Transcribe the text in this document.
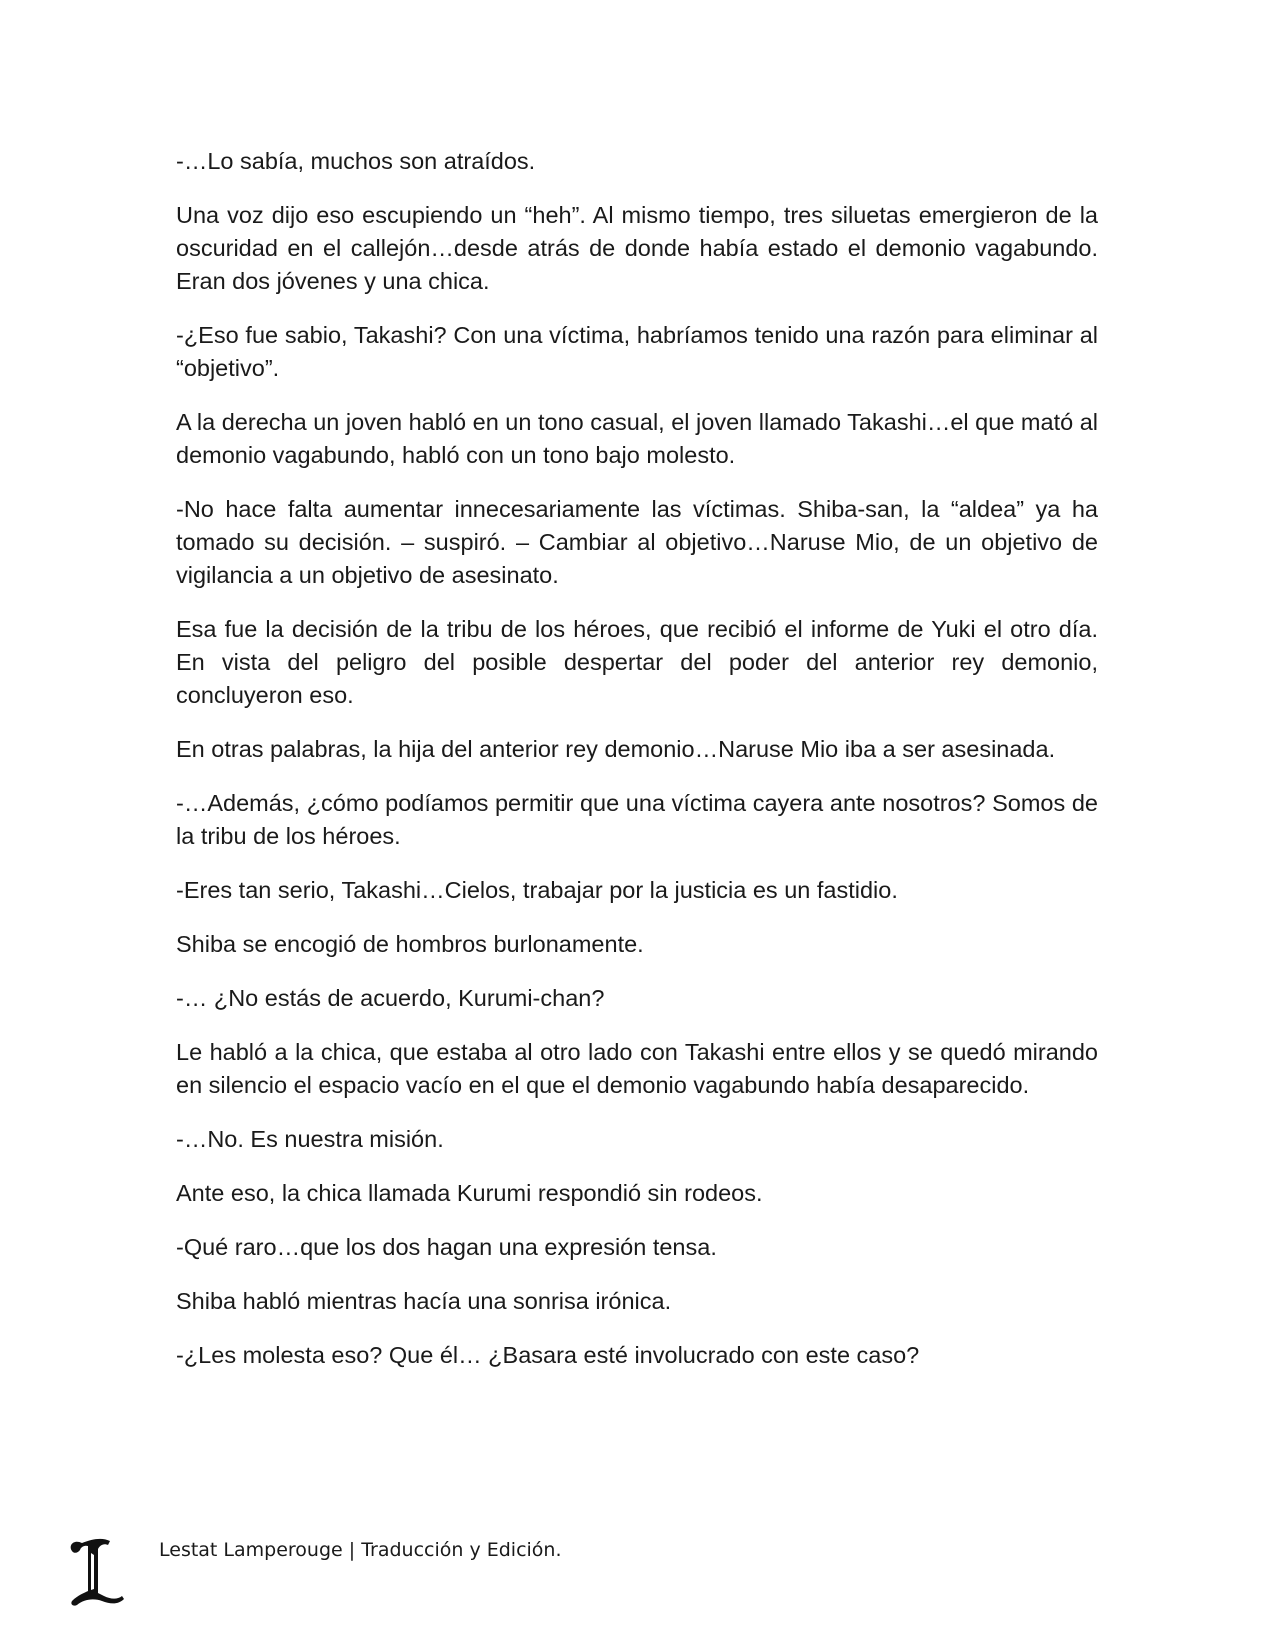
-…Lo sabía, muchos son atraídos.

Una voz dijo eso escupiendo un “heh”. Al mismo tiempo, tres siluetas emergieron de la oscuridad en el callejón…desde atrás de donde había estado el demonio vagabundo. Eran dos jóvenes y una chica.

-¿Eso fue sabio, Takashi? Con una víctima, habríamos tenido una razón para eliminar al “objetivo”.

A la derecha un joven habló en un tono casual, el joven llamado Takashi…el que mató al demonio vagabundo, habló con un tono bajo molesto.

-No hace falta aumentar innecesariamente las víctimas. Shiba-san, la “aldea” ya ha tomado su decisión. – suspiró. – Cambiar al objetivo…Naruse Mio, de un objetivo de vigilancia a un objetivo de asesinato.

Esa fue la decisión de la tribu de los héroes, que recibió el informe de Yuki el otro día. En vista del peligro del posible despertar del poder del anterior rey demonio, concluyeron eso.

En otras palabras, la hija del anterior rey demonio…Naruse Mio iba a ser asesinada.

-…Además, ¿cómo podíamos permitir que una víctima cayera ante nosotros? Somos de la tribu de los héroes.

-Eres tan serio, Takashi…Cielos, trabajar por la justicia es un fastidio.

Shiba se encogió de hombros burlonamente.

-… ¿No estás de acuerdo, Kurumi-chan?

Le habló a la chica, que estaba al otro lado con Takashi entre ellos y se quedó mirando en silencio el espacio vacío en el que el demonio vagabundo había desaparecido.

-…No. Es nuestra misión.

Ante eso, la chica llamada Kurumi respondió sin rodeos.

-Qué raro…que los dos hagan una expresión tensa.

Shiba habló mientras hacía una sonrisa irónica.

-¿Les molesta eso? Que él… ¿Basara esté involucrado con este caso?

Lestat Lamperouge | Traducción y Edición.
